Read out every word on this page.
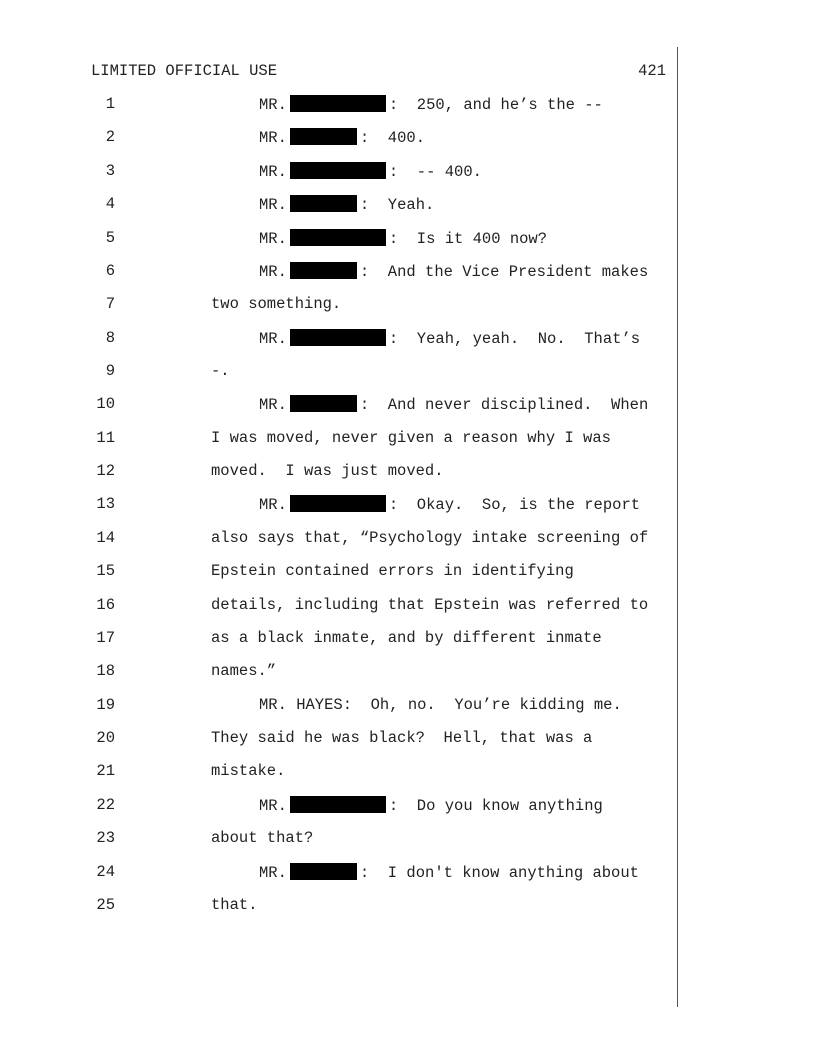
LIMITED OFFICIAL USE	421
1	MR.	:  250, and he’s the --
2	MR.	:  400.
3	MR.	:  -- 400.
4	MR.	:  Yeah.
5	MR.	:  Is it 400 now?
6	MR.	:  And the Vice President makes
7	two something.
8	MR.	:  Yeah, yeah.  No.  That’s
9	-.
10	MR.	:  And never disciplined.  When
11	I was moved, never given a reason why I was
12	moved.  I was just moved.
13	MR.	:  Okay.  So, is the report
14	also says that, “Psychology intake screening of
15	Epstein contained errors in identifying
16	details, including that Epstein was referred to
17	as a black inmate, and by different inmate
18	names.”
19	MR. HAYES:  Oh, no.  You’re kidding me.
20	They said he was black?  Hell, that was a
21	mistake.
22	MR.	:  Do you know anything
23	about that?
24	MR.	:  I don't know anything about
25	that.
